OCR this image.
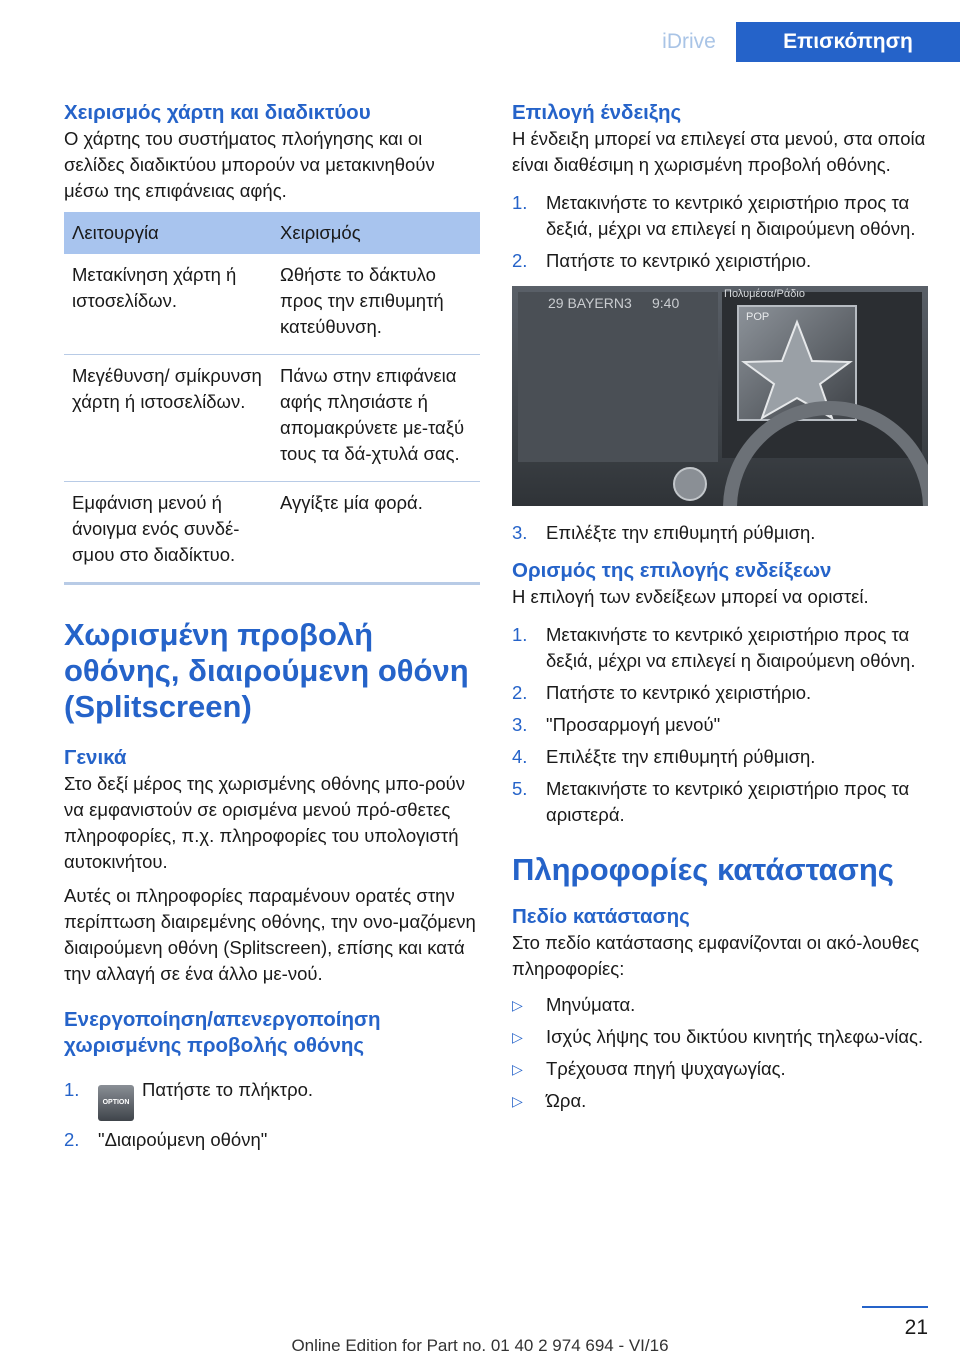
iDrive	Επισκόπηση
Χειρισμός χάρτη και διαδικτύου

Ο χάρτης του συστήματος πλοήγησης και οι σελίδες διαδικτύου μπορούν να μετακινηθούν μέσω της επιφάνειας αφής.

Λειτουργία	Χειρισμός
Μετακίνηση χάρτη ή ιστοσελίδων.	Ωθήστε το δάκτυλο προς την επιθυμητή κατεύθυνση.
Μεγέθυνση/ σμίκρυνση χάρτη ή ιστοσελίδων.	Πάνω στην επιφάνεια αφής πλησιάστε ή απομακρύνετε με-ταξύ τους τα δά-χτυλά σας.
Εμφάνιση μενού ή άνοιγμα ενός συνδέ-σμου στο διαδίκτυο.	Αγγίξτε μία φορά.
Χωρισμένη προβολή οθόνης, διαιρούμενη οθόνη (Splitscreen)
Γενικά

Στο δεξί μέρος της χωρισμένης οθόνης μπο-ρούν να εμφανιστούν σε ορισμένα μενού πρό-σθετες πληροφορίες, π.χ. πληροφορίες του υπολογιστή αυτοκινήτου.

Αυτές οι πληροφορίες παραμένουν ορατές στην περίπτωση διαιρεμένης οθόνης, την ονο-μαζόμενη διαιρούμενη οθόνη (Splitscreen), επίσης και κατά την αλλαγή σε ένα άλλο με-νού.

Ενεργοποίηση/απενεργοποίηση χωρισμένης προβολής οθόνης
1.
OPTIONΠατήστε το πλήκτρο.
2. "Διαιρούμενη οθόνη"
Επιλογή ένδειξης

Η ένδειξη μπορεί να επιλεγεί στα μενού, στα οποία είναι διαθέσιμη η χωρισμένη προβολή οθόνης.

1. Μετακινήστε το κεντρικό χειριστήριο προς τα δεξιά, μέχρι να επιλεγεί η διαιρούμενη οθόνη.
2. Πατήστε το κεντρικό χειριστήριο.
29 BAYERN3 9:40
Πολυμέσα/Ράδιο
POP
3. Επιλέξτε την επιθυμητή ρύθμιση.
Ορισμός της επιλογής ενδείξεων

Η επιλογή των ενδείξεων μπορεί να οριστεί.

1. Μετακινήστε το κεντρικό χειριστήριο προς τα δεξιά, μέχρι να επιλεγεί η διαιρούμενη οθόνη.
2. Πατήστε το κεντρικό χειριστήριο.
3. "Προσαρμογή μενού"
4. Επιλέξτε την επιθυμητή ρύθμιση.
5. Μετακινήστε το κεντρικό χειριστήριο προς τα αριστερά.
Πληροφορίες κατάστασης
Πεδίο κατάστασης

Στο πεδίο κατάστασης εμφανίζονται οι ακό-λουθες πληροφορίες:

▷ Μηνύματα.
▷ Ισχύς λήψης του δικτύου κινητής τηλεφω-νίας.
▷ Τρέχουσα πηγή ψυχαγωγίας.
▷ Ώρα.
21
Online Edition for Part no. 01 40 2 974 694 - VI/16
